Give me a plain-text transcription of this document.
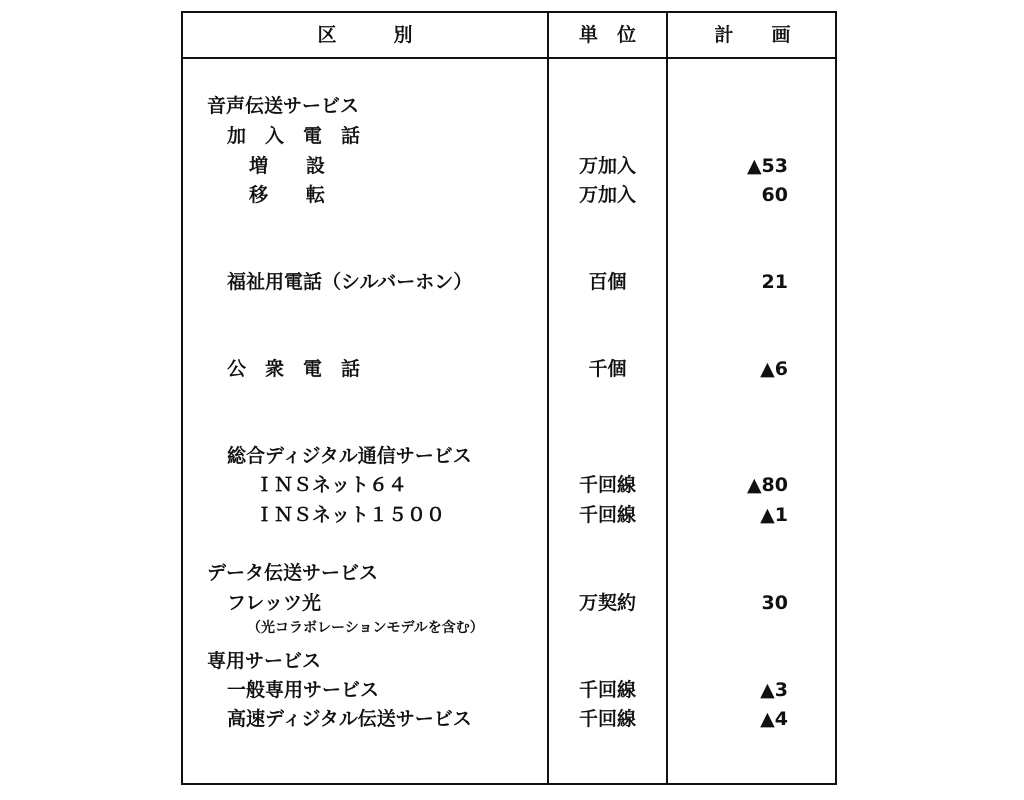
区　　　別	単　位	計　　画
音声伝送サービス
加　入　電　話
増　　設	万加入	▲53
移　　転	万加入	60
福祉用電話（シルバーホン）	百個	21
公　衆　電　話	千個	▲6
総合ディジタル通信サービス
ＩＮＳネット６４	千回線	▲80
ＩＮＳネット１５００	千回線	▲1
データ伝送サービス
フレッツ光	万契約	30
（光コラボレーションモデルを含む）
専用サービス
一般専用サービス	千回線	▲3
高速ディジタル伝送サービス	千回線	▲4
